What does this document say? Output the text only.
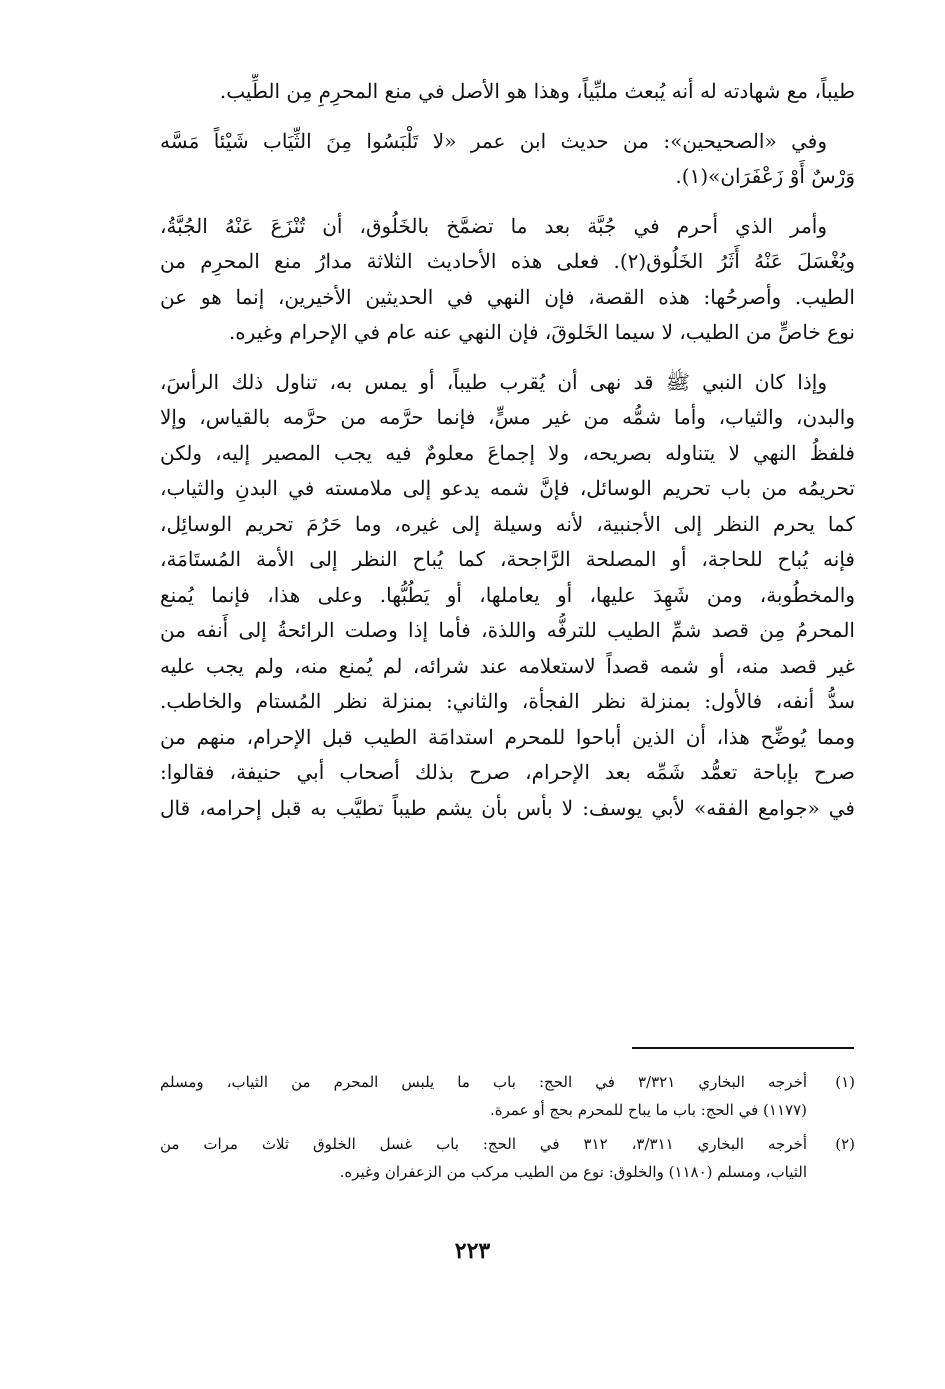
طيباً، مع شهادته له أنه يُبعث ملبِّياً، وهذا هو الأصل في منع المحرِمِ مِن الطِّيب.
وفي «الصحيحين»: من حديث ابن عمر «لا تَلْبَسُوا مِنَ الثِّيَاب شَيْئاً مَسَّه
وَرْسٌ أَوْ زَعْفَرَان»(١).
وأمر الذي أحرم في جُبَّة بعد ما تضمَّخ بالخَلُوق، أن تُنْزَعَ عَنْهُ الجُبَّةُ،
ويُغْسَلَ عَنْهُ أَثَرُ الخَلُوق(٢). فعلى هذه الأحاديث الثلاثة مدارُ منع المحرِم من
الطيب. وأصرحُها: هذه القصة، فإن النهي في الحديثين الأخيرين، إنما هو عن
نوع خاصٍّ من الطيب، لا سيما الخَلوقَ، فإن النهي عنه عام في الإحرام وغيره.
وإذا كان النبي ﷺ قد نهى أن يُقرب طيباً، أو يمس به، تناول ذلك الرأسَ،
والبدن، والثياب، وأما شمُّه من غير مسٍّ، فإنما حرَّمه من حرَّمه بالقياس، وإلا
فلفظُ النهي لا يتناوله بصريحه، ولا إجماعَ معلومٌ فيه يجب المصير إليه، ولكن
تحريمُه من باب تحريم الوسائل، فإنَّ شمه يدعو إلى ملامسته في البدنِ والثياب،
كما يحرم النظر إلى الأجنبية، لأنه وسيلة إلى غيره، وما حَرُمَ تحريم الوسائِل،
فإنه يُباح للحاجة، أو المصلحة الرَّاجحة، كما يُباح النظر إلى الأمة المُستَامَة،
والمخطُوبة، ومن شَهِدَ عليها، أو يعاملها، أو يَطُبُّها. وعلى هذا، فإنما يُمنع
المحرمُ مِن قصد شمِّ الطيب للترفُّه واللذة، فأما إذا وصلت الرائحةُ إلى أَنفه من
غير قصد منه، أو شمه قصداً لاستعلامه عند شرائه، لم يُمنع منه، ولم يجب عليه
سدُّ أنفه، فالأول: بمنزلة نظر الفجأة، والثاني: بمنزلة نظر المُستام والخاطب.
ومما يُوضِّح هذا، أن الذين أباحوا للمحرم استدامَة الطيب قبل الإحرام، منهم من
صرح بإباحة تعمُّد شَمِّه بعد الإحرام، صرح بذلك أصحاب أبي حنيفة، فقالوا:
في «جوامع الفقه» لأبي يوسف: لا بأس بأن يشم طيباً تطيَّب به قبل إحرامه، قال
(١)
أخرجه البخاري ٣/٣٢١ في الحج: باب ما يلبس المحرم من الثياب، ومسلم
(١١٧٧) في الحج: باب ما يباح للمحرم بحج أو عمرة.
(٢)
أخرجه البخاري ٣/٣١١، ٣١٢ في الحج: باب غسل الخلوق ثلاث مرات من
الثياب، ومسلم (١١٨٠) والخلوق: نوع من الطيب مركب من الزعفران وغيره.
٢٢٣
